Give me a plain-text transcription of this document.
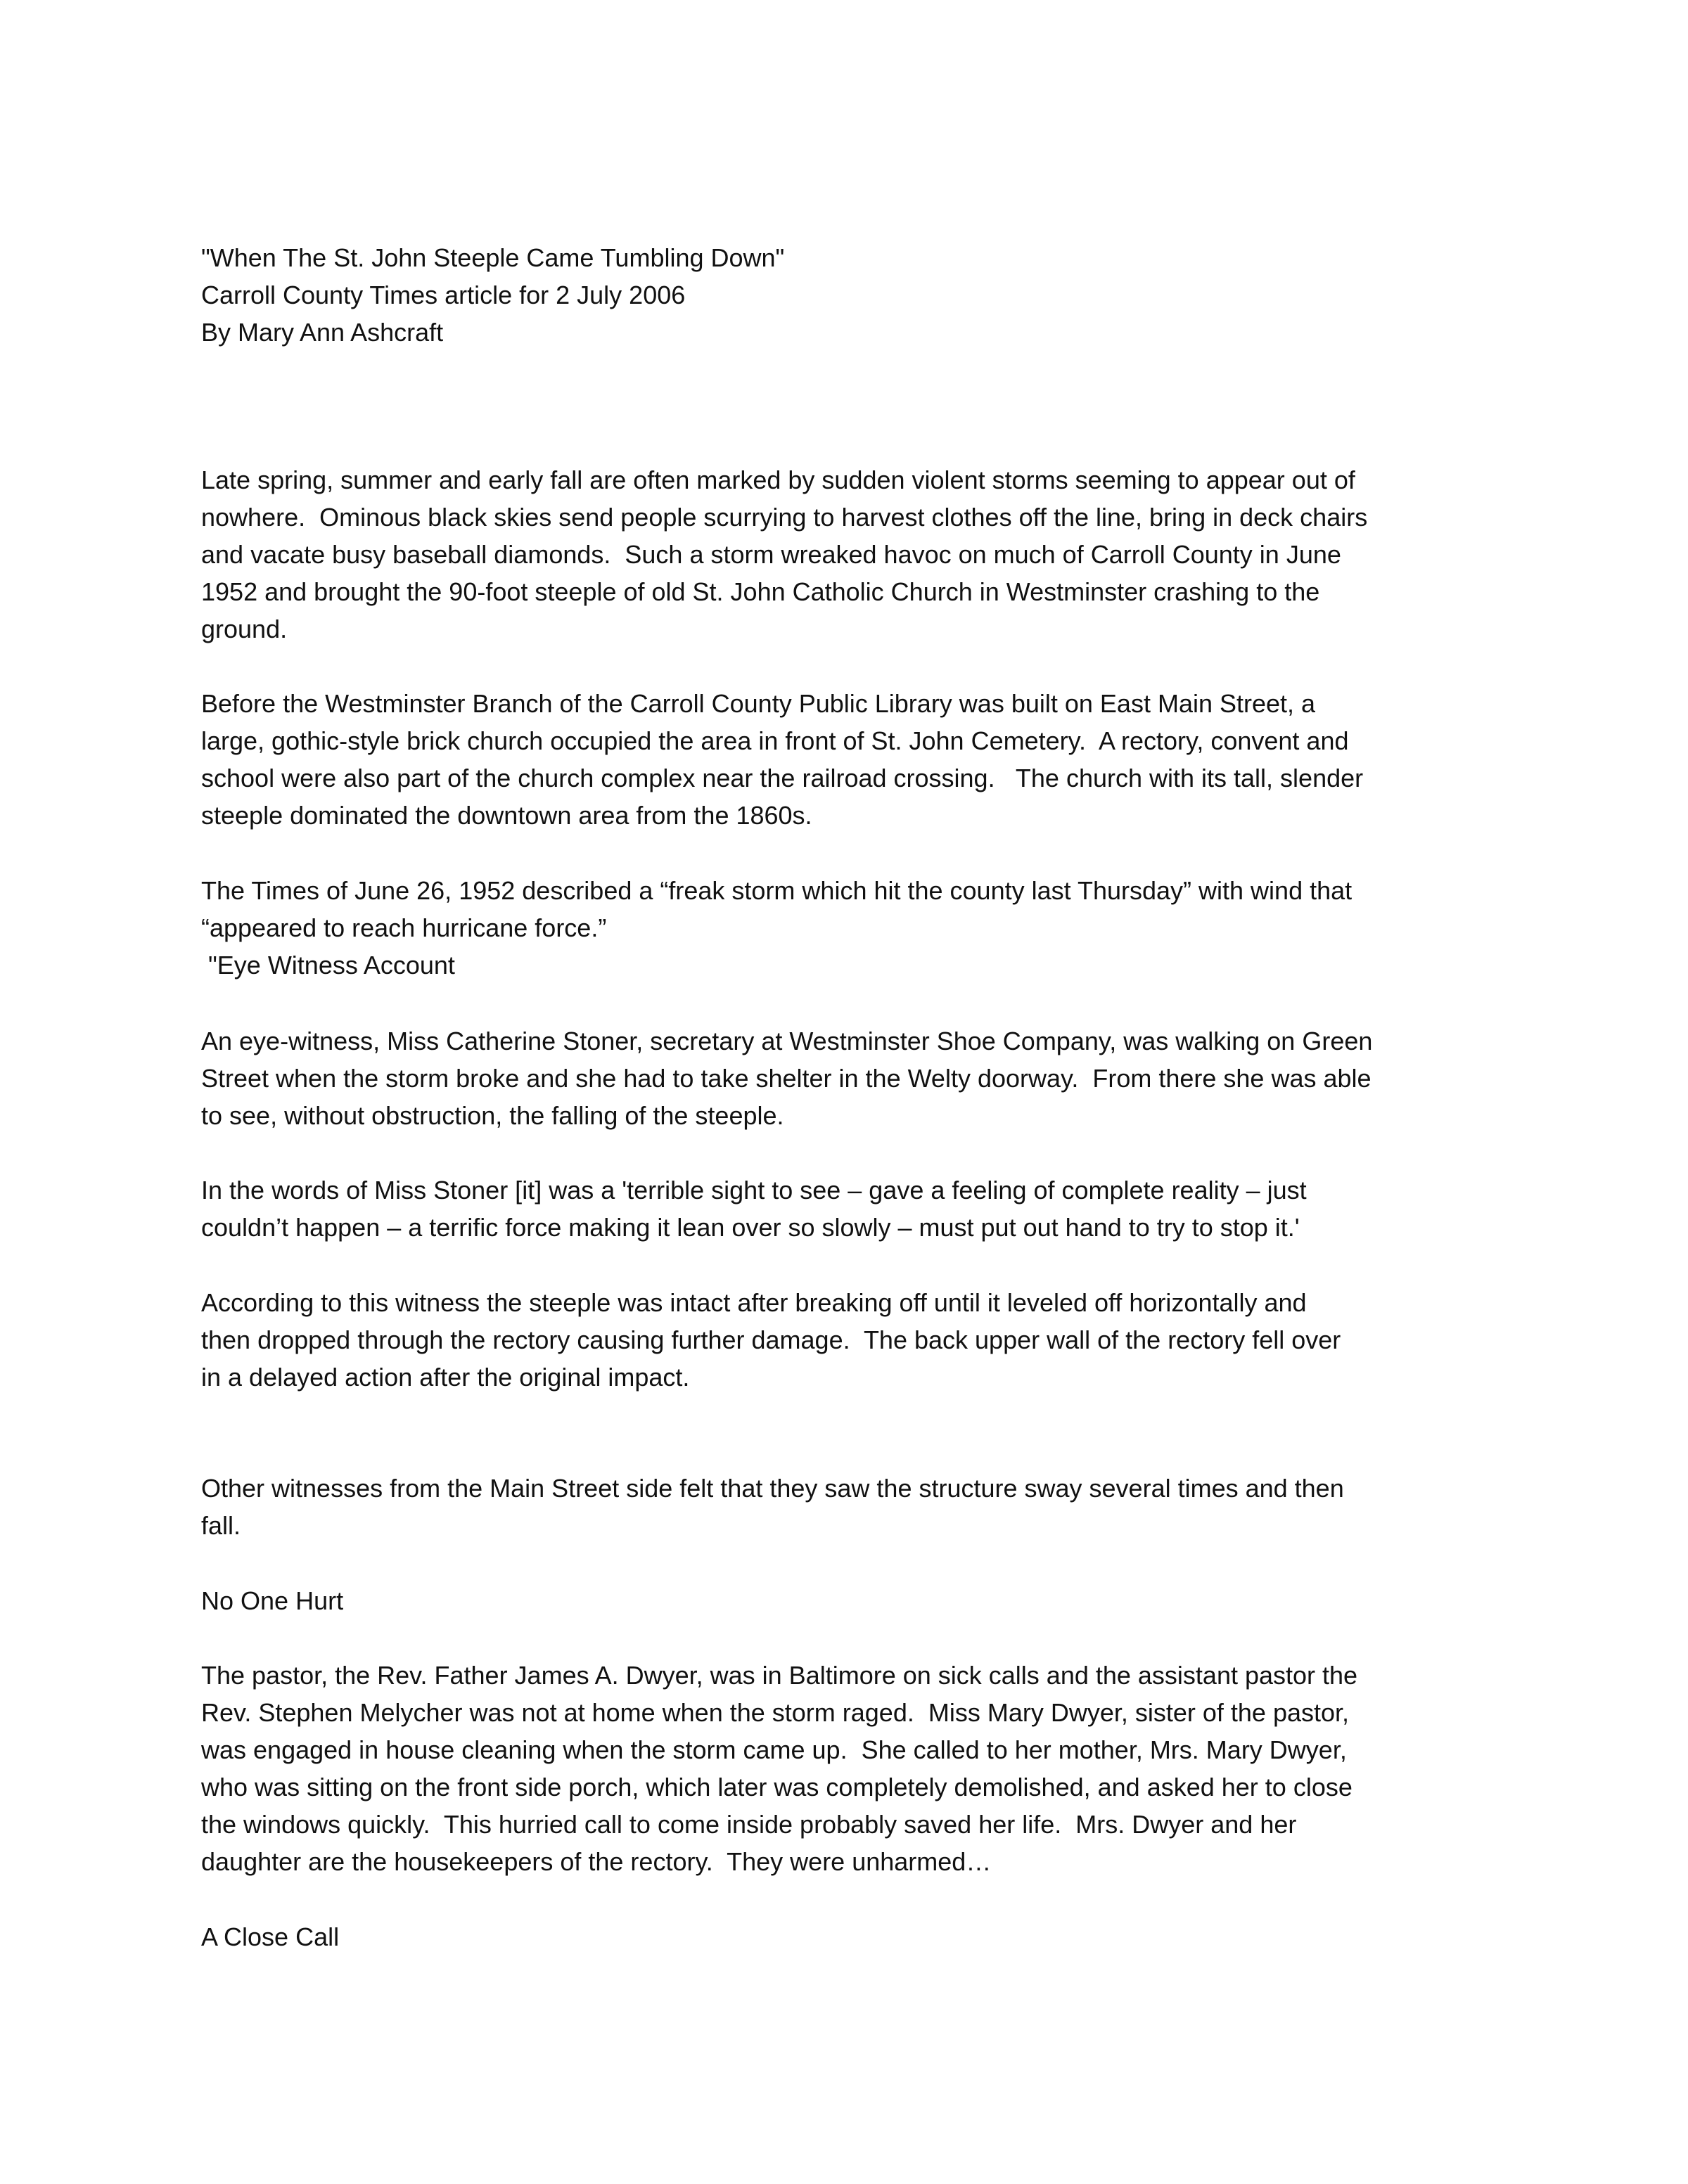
"When The St. John Steeple Came Tumbling Down"
Carroll County Times article for 2 July 2006
By Mary Ann Ashcraft
Late spring, summer and early fall are often marked by sudden violent storms seeming to appear out of
nowhere.  Ominous black skies send people scurrying to harvest clothes off the line, bring in deck chairs
and vacate busy baseball diamonds.  Such a storm wreaked havoc on much of Carroll County in June
1952 and brought the 90-foot steeple of old St. John Catholic Church in Westminster crashing to the
ground.
Before the Westminster Branch of the Carroll County Public Library was built on East Main Street, a
large, gothic-style brick church occupied the area in front of St. John Cemetery.  A rectory, convent and
school were also part of the church complex near the railroad crossing.   The church with its tall, slender
steeple dominated the downtown area from the 1860s.
The Times of June 26, 1952 described a “freak storm which hit the county last Thursday” with wind that
“appeared to reach hurricane force.”
"Eye Witness Account
An eye-witness, Miss Catherine Stoner, secretary at Westminster Shoe Company, was walking on Green
Street when the storm broke and she had to take shelter in the Welty doorway.  From there she was able
to see, without obstruction, the falling of the steeple.
In the words of Miss Stoner [it] was a 'terrible sight to see – gave a feeling of complete reality – just
couldn’t happen – a terrific force making it lean over so slowly – must put out hand to try to stop it.'
According to this witness the steeple was intact after breaking off until it leveled off horizontally and
then dropped through the rectory causing further damage.  The back upper wall of the rectory fell over
in a delayed action after the original impact.
Other witnesses from the Main Street side felt that they saw the structure sway several times and then
fall.
No One Hurt
The pastor, the Rev. Father James A. Dwyer, was in Baltimore on sick calls and the assistant pastor the
Rev. Stephen Melycher was not at home when the storm raged.  Miss Mary Dwyer, sister of the pastor,
was engaged in house cleaning when the storm came up.  She called to her mother, Mrs. Mary Dwyer,
who was sitting on the front side porch, which later was completely demolished, and asked her to close
the windows quickly.  This hurried call to come inside probably saved her life.  Mrs. Dwyer and her
daughter are the housekeepers of the rectory.  They were unharmed…
A Close Call
